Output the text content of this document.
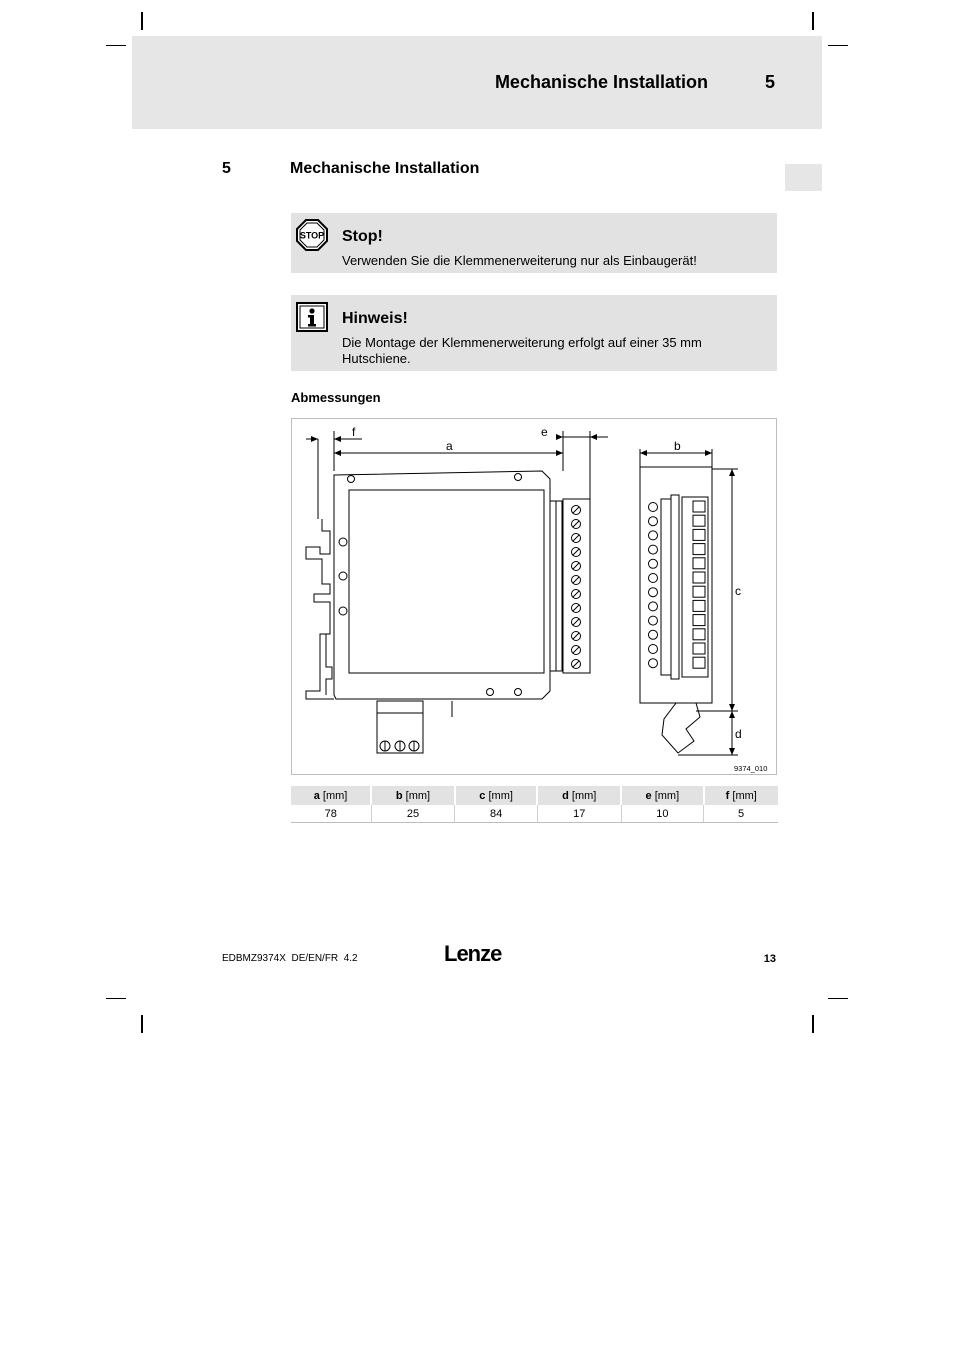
Mechanische Installation	5
5	Mechanische Installation
STOP Stop!
Verwenden Sie die Klemmenerweiterung nur als Einbaugerät!
Hinweis!
Die Montage der Klemmenerweiterung erfolgt auf einer 35 mm Hutschiene.
Abmessungen
f
a
e
b
c
d
9374_010
a [mm]	b [mm]	c [mm]	d [mm]	e [mm]	f [mm]
78	25	84	17	10	5
EDBMZ9374X  DE/EN/FR  4.2	Lenze	13
